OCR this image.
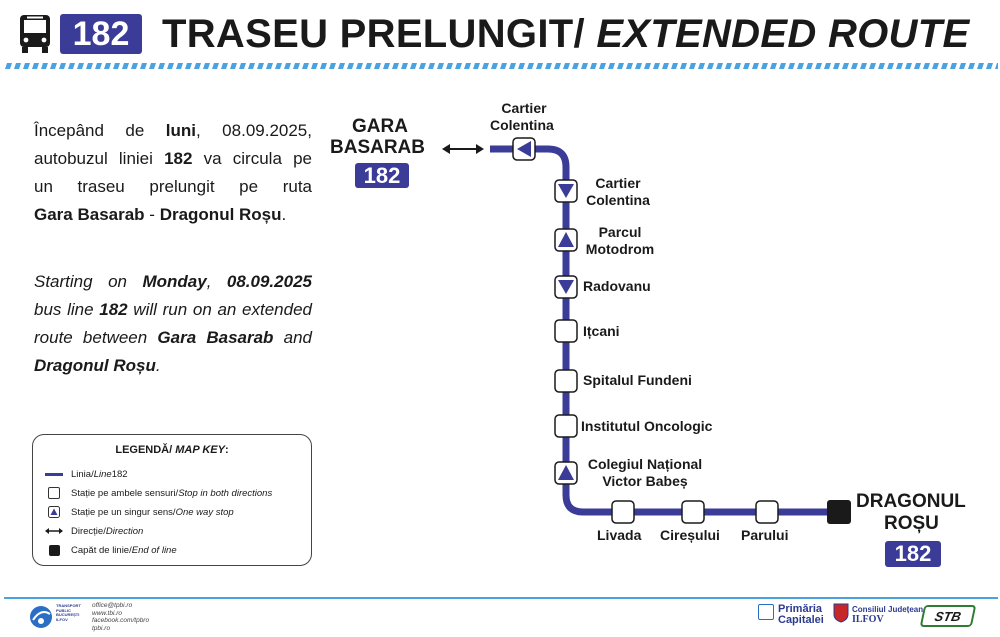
182 TRASEU PRELUNGIT/ EXTENDED ROUTE
Începând de luni, 08.09.2025,
autobuzul liniei 182 va circula pe
un traseu prelungit pe ruta
Gara Basarab - Dragonul Roșu.
Starting on Monday, 08.09.2025
bus line 182 will run on an extended
route between Gara Basarab and
Dragonul Roșu.
LEGENDĂ/ MAP KEY:
Linia/ Line 182
Stație pe ambele sensuri/ Stop in both directions
Stație pe un singur sens/ One way stop
Direcție/ Direction
Capăt de linie/ End of line
GARA
BASARAB
182
DRAGONUL
ROȘU
182
Cartier
Colentina
Cartier
Colentina
Parcul
Motodrom
Radovanu
Ițcani
Spitalul Fundeni
Institutul Oncologic
Colegiul Național
Victor Babeș
Livada Cireșului Parului
TRANSPORT
PUBLIC
BUCUREȘTI
ILFOV
office@tpbi.ro
www.tbi.ro
facebook.com/tpbro
tpbi.ro
Primăria
Capitalei
Consiliul Județean
ILFOV	STB
